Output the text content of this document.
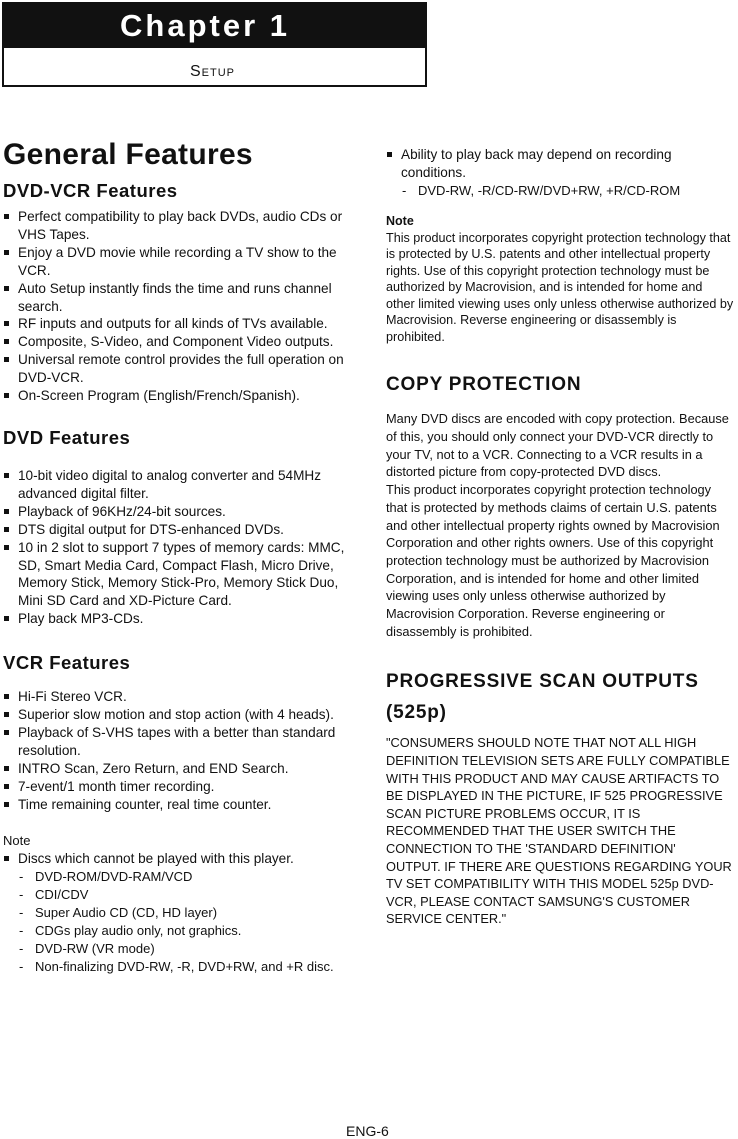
Chapter 1
Setup
General Features
DVD-VCR Features
Perfect compatibility to play back DVDs, audio CDs or VHS Tapes.
Enjoy a DVD movie while recording a TV show to the VCR.
Auto Setup instantly finds the time and runs channel search.
RF inputs and outputs for all kinds of TVs available.
Composite, S-Video, and Component Video outputs.
Universal remote control provides the full operation on DVD-VCR.
On-Screen Program (English/French/Spanish).
DVD Features
10-bit video digital to analog converter and 54MHz advanced digital filter.
Playback of 96KHz/24-bit sources.
DTS digital output for DTS-enhanced DVDs.
10 in 2 slot to support 7 types of memory cards: MMC, SD, Smart Media Card, Compact Flash, Micro Drive, Memory Stick, Memory Stick-Pro, Memory Stick Duo, Mini SD Card and XD-Picture Card.
Play back MP3-CDs.
VCR Features
Hi-Fi Stereo VCR.
Superior slow motion and stop action (with 4 heads).
Playback of S-VHS tapes with a better than standard resolution.
INTRO Scan, Zero Return, and END Search.
7-event/1 month timer recording.
Time remaining counter, real time counter.
Note
Discs which cannot be played with this player.
- DVD-ROM/DVD-RAM/VCD
- CDI/CDV
- Super Audio CD (CD, HD layer)
- CDGs play audio only, not graphics.
- DVD-RW (VR mode)
- Non-finalizing DVD-RW, -R, DVD+RW, and +R disc.
Ability to play back may depend on recording conditions.
- DVD-RW, -R/CD-RW/DVD+RW, +R/CD-ROM
Note

This product incorporates copyright protection technology that is protected by U.S. patents and other intellectual property rights. Use of this copyright protection technology must be authorized by Macrovision, and is intended for home and other limited viewing uses only unless otherwise authorized by Macrovision. Reverse engineering or disassembly is prohibited.

COPY PROTECTION

Many DVD discs are encoded with copy protection. Because of this, you should only connect your DVD-VCR directly to your TV, not to a VCR. Connecting to a VCR results in a distorted picture from copy-protected DVD discs.

This product incorporates copyright protection technology that is protected by methods claims of certain U.S. patents and other intellectual property rights owned by Macrovision Corporation and other rights owners. Use of this copyright protection technology must be authorized by Macrovision Corporation, and is intended for home and other limited viewing uses only unless otherwise authorized by Macrovision Corporation. Reverse engineering or disassembly is prohibited.

PROGRESSIVE SCAN OUTPUTS (525p)

"CONSUMERS SHOULD NOTE THAT NOT ALL HIGH DEFINITION TELEVISION SETS ARE FULLY COMPATIBLE WITH THIS PRODUCT AND MAY CAUSE ARTIFACTS TO BE DISPLAYED IN THE PICTURE, IF 525 PROGRESSIVE SCAN PICTURE PROBLEMS OCCUR, IT IS RECOMMENDED THAT THE USER SWITCH THE CONNECTION TO THE 'STANDARD DEFINITION' OUTPUT. IF THERE ARE QUESTIONS REGARDING YOUR TV SET COMPATIBILITY WITH THIS MODEL 525p DVD-VCR, PLEASE CONTACT SAMSUNG'S CUSTOMER SERVICE CENTER."

ENG-6
